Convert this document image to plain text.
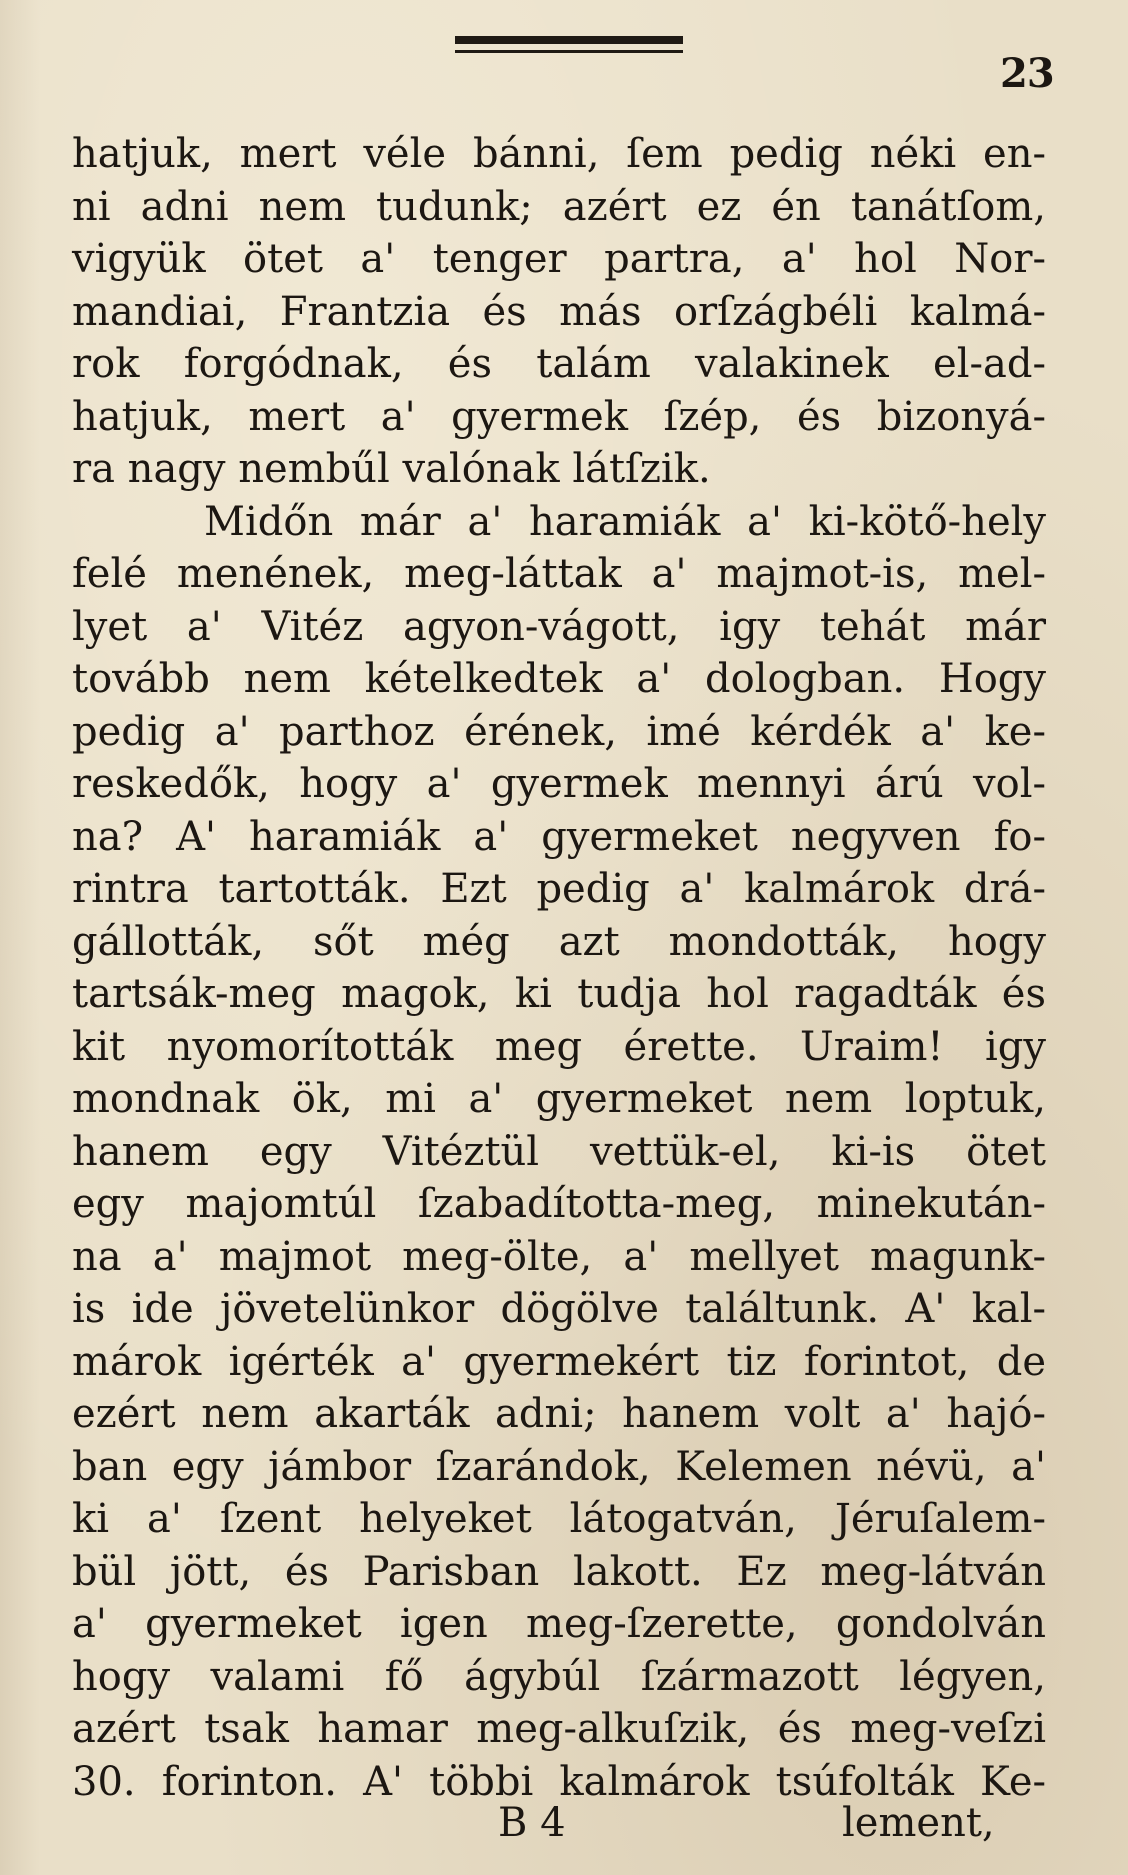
23
hatjuk, mert véle bánni, ſem pedig néki en-
ni adni nem tudunk; azért ez én tanátſom,
vigyük ötet a' tenger partra, a' hol Nor-
mandiai, Frantzia és más orſzágbéli kalmá-
rok forgódnak, és talám valakinek el-ad-
hatjuk, mert a' gyermek ſzép, és bizonyá-
ra nagy nembűl valónak látſzik.
Midőn már a' haramiák a' ki-kötő-hely
felé menének, meg-láttak a' majmot-is, mel-
lyet a' Vitéz agyon-vágott, igy tehát már
tovább nem kételkedtek a' dologban. Hogy
pedig a' parthoz érének, imé kérdék a' ke-
reskedők, hogy a' gyermek mennyi árú vol-
na? A' haramiák a' gyermeket negyven fo-
rintra tartották. Ezt pedig a' kalmárok drá-
gállották, sőt még azt mondották, hogy
tartsák-meg magok, ki tudja hol ragadták és
kit nyomorították meg érette. Uraim! igy
mondnak ök, mi a' gyermeket nem loptuk,
hanem egy Vitéztül vettük-el, ki-is ötet
egy majomtúl ſzabadította-meg, minekután-
na a' majmot meg-ölte, a' mellyet magunk-
is ide jövetelünkor dögölve találtunk. A' kal-
márok igérték a' gyermekért tiz forintot, de
ezért nem akarták adni; hanem volt a' hajó-
ban egy jámbor ſzarándok, Kelemen névü, a'
ki a' ſzent helyeket látogatván, Jéruſalem-
bül jött, és Parisban lakott. Ez meg-látván
a' gyermeket igen meg-ſzerette, gondolván
hogy valami fő ágybúl ſzármazott légyen,
azért tsak hamar meg-alkuſzik, és meg-veſzi
30. forinton. A' többi kalmárok tsúfolták Ke-
B 4	lement,
